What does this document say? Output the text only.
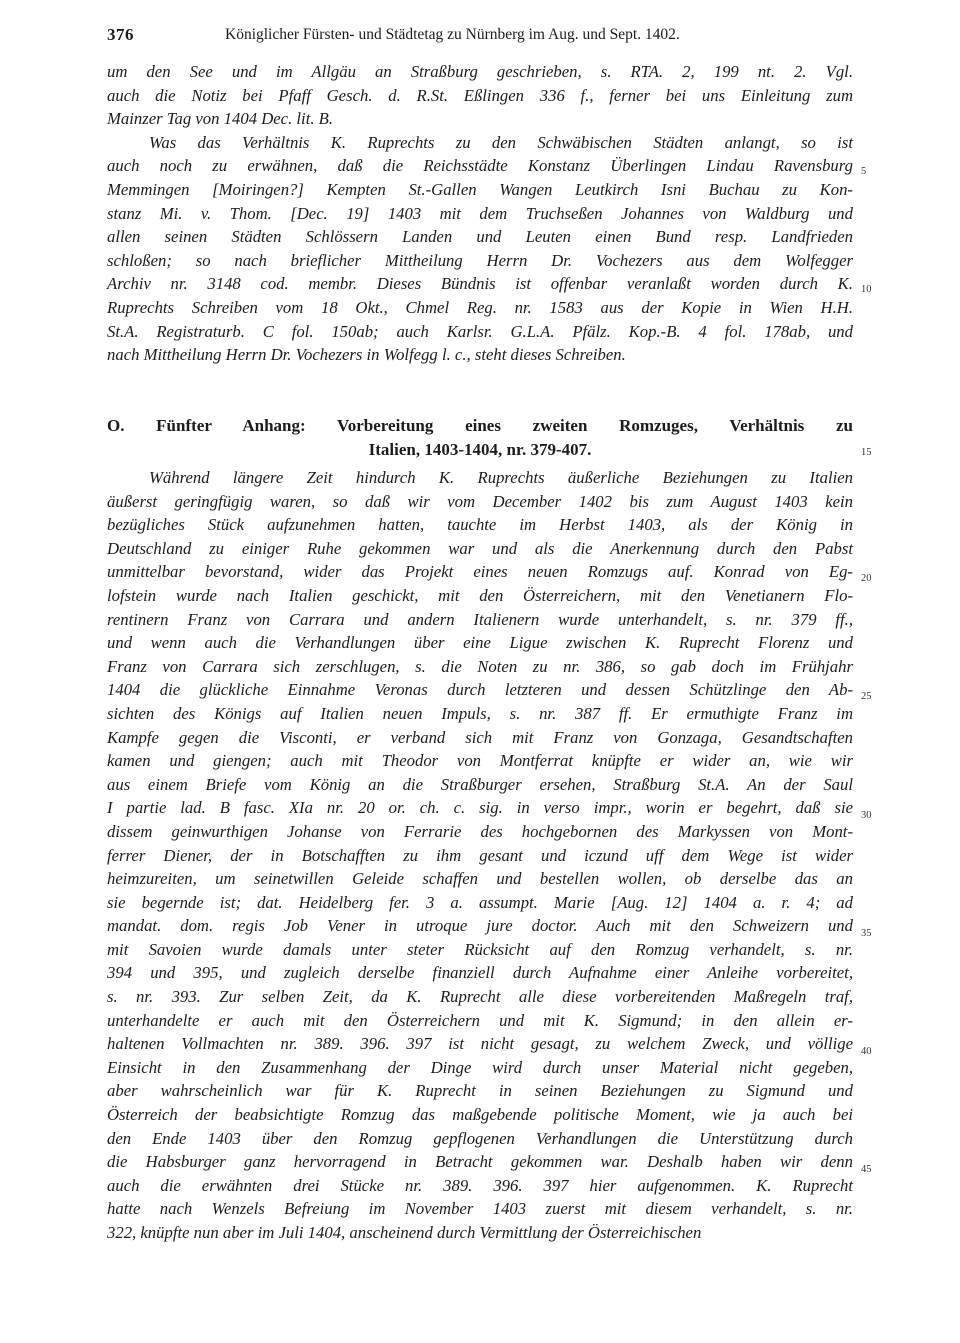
376	Königlicher Fürsten- und Städtetag zu Nürnberg im Aug. und Sept. 1402.
um den See und im Allgäu an Straßburg geschrieben, s. RTA. 2, 199 nt. 2. Vgl.
auch die Notiz bei Pfaff Gesch. d. R.St. Eßlingen 336 f., ferner bei uns Einleitung zum
Mainzer Tag von 1404 Dec. lit. B.
Was das Verhältnis K. Ruprechts zu den Schwäbischen Städten anlangt, so ist
auch noch zu erwähnen, daß die Reichsstädte Konstanz Überlingen Lindau Ravensburg
Memmingen [Moiringen?] Kempten St.-Gallen Wangen Leutkirch Isni Buchau zu Kon-
stanz Mi. v. Thom. [Dec. 19] 1403 mit dem Truchseßen Johannes von Waldburg und
allen seinen Städten Schlössern Landen und Leuten einen Bund resp. Landfrieden
schloßen; so nach brieflicher Mittheilung Herrn Dr. Vochezers aus dem Wolfegger
Archiv nr. 3148 cod. membr. Dieses Bündnis ist offenbar veranlaßt worden durch K.
Ruprechts Schreiben vom 18 Okt., Chmel Reg. nr. 1583 aus der Kopie in Wien H.H.
St.A. Registraturb. C fol. 150ab; auch Karlsr. G.L.A. Pfälz. Kop.-B. 4 fol. 178ab, und
nach Mittheilung Herrn Dr. Vochezers in Wolfegg l. c., steht dieses Schreiben.
O. Fünfter Anhang: Vorbereitung eines zweiten Romzuges, Verhältnis zu
Italien, 1403-1404, nr. 379-407.
Während längere Zeit hindurch K. Ruprechts äußerliche Beziehungen zu Italien
äußerst geringfügig waren, so daß wir vom December 1402 bis zum August 1403 kein
bezügliches Stück aufzunehmen hatten, tauchte im Herbst 1403, als der König in
Deutschland zu einiger Ruhe gekommen war und als die Anerkennung durch den Pabst
unmittelbar bevorstand, wider das Projekt eines neuen Romzugs auf. Konrad von Eg-
lofstein wurde nach Italien geschickt, mit den Österreichern, mit den Venetianern Flo-
rentinern Franz von Carrara und andern Italienern wurde unterhandelt, s. nr. 379 ff.,
und wenn auch die Verhandlungen über eine Ligue zwischen K. Ruprecht Florenz und
Franz von Carrara sich zerschlugen, s. die Noten zu nr. 386, so gab doch im Frühjahr
1404 die glückliche Einnahme Veronas durch letzteren und dessen Schützlinge den Ab-
sichten des Königs auf Italien neuen Impuls, s. nr. 387 ff. Er ermuthigte Franz im
Kampfe gegen die Visconti, er verband sich mit Franz von Gonzaga, Gesandtschaften
kamen und giengen; auch mit Theodor von Montferrat knüpfte er wider an, wie wir
aus einem Briefe vom König an die Straßburger ersehen, Straßburg St.A. An der Saul
I partie lad. B fasc. XIa nr. 20 or. ch. c. sig. in verso impr., worin er begehrt, daß sie
dissem geinwurthigen Johanse von Ferrarie des hochgebornen des Markyssen von Mont-
ferrer Diener, der in Botschafften zu ihm gesant und iczund uff dem Wege ist wider
heimzureiten, um seinetwillen Geleide schaffen und bestellen wollen, ob derselbe das an
sie begernde ist; dat. Heidelberg fer. 3 a. assumpt. Marie [Aug. 12] 1404 a. r. 4; ad
mandat. dom. regis Job Vener in utroque jure doctor. Auch mit den Schweizern und
mit Savoien wurde damals unter steter Rücksicht auf den Romzug verhandelt, s. nr.
394 und 395, und zugleich derselbe finanziell durch Aufnahme einer Anleihe vorbereitet,
s. nr. 393. Zur selben Zeit, da K. Ruprecht alle diese vorbereitenden Maßregeln traf,
unterhandelte er auch mit den Österreichern und mit K. Sigmund; in den allein er-
haltenen Vollmachten nr. 389. 396. 397 ist nicht gesagt, zu welchem Zweck, und völlige
Einsicht in den Zusammenhang der Dinge wird durch unser Material nicht gegeben,
aber wahrscheinlich war für K. Ruprecht in seinen Beziehungen zu Sigmund und
Österreich der beabsichtigte Romzug das maßgebende politische Moment, wie ja auch bei
den Ende 1403 über den Romzug gepflogenen Verhandlungen die Unterstützung durch
die Habsburger ganz hervorragend in Betracht gekommen war. Deshalb haben wir denn
auch die erwähnten drei Stücke nr. 389. 396. 397 hier aufgenommen. K. Ruprecht
hatte nach Wenzels Befreiung im November 1403 zuerst mit diesem verhandelt, s. nr.
322, knüpfte nun aber im Juli 1404, anscheinend durch Vermittlung der Österreichischen
5
10
15
20
25
30
35
40
45
